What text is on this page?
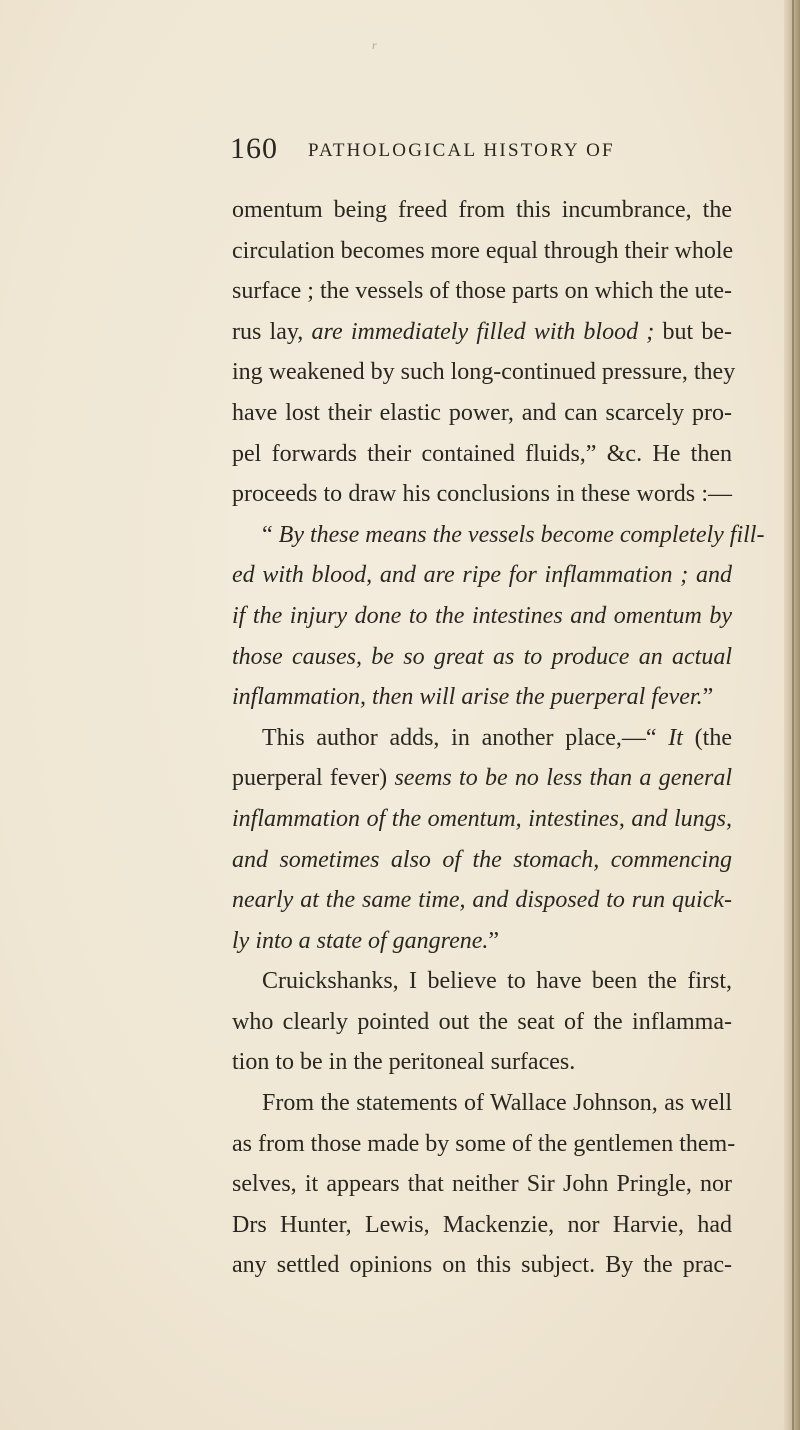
r
160 PATHOLOGICAL HISTORY OF
omentum being freed from this incumbrance, the
circulation becomes more equal through their whole
surface ; the vessels of those parts on which the ute-
rus lay, are immediately filled with blood ; but be-
ing weakened by such long-continued pressure, they
have lost their elastic power, and can scarcely pro-
pel forwards their contained fluids,” &c. He then
proceeds to draw his conclusions in these words :—
“ By these means the vessels become completely fill-
ed with blood, and are ripe for inflammation ; and
if the injury done to the intestines and omentum by
those causes, be so great as to produce an actual
inflammation, then will arise the puerperal fever.”
This author adds, in another place,—“ It (the
puerperal fever) seems to be no less than a general
inflammation of the omentum, intestines, and lungs,
and sometimes also of the stomach, commencing
nearly at the same time, and disposed to run quick-
ly into a state of gangrene.”
Cruickshanks, I believe to have been the first,
who clearly pointed out the seat of the inflamma-
tion to be in the peritoneal surfaces.
From the statements of Wallace Johnson, as well
as from those made by some of the gentlemen them-
selves, it appears that neither Sir John Pringle, nor
Drs Hunter, Lewis, Mackenzie, nor Harvie, had
any settled opinions on this subject. By the prac-
